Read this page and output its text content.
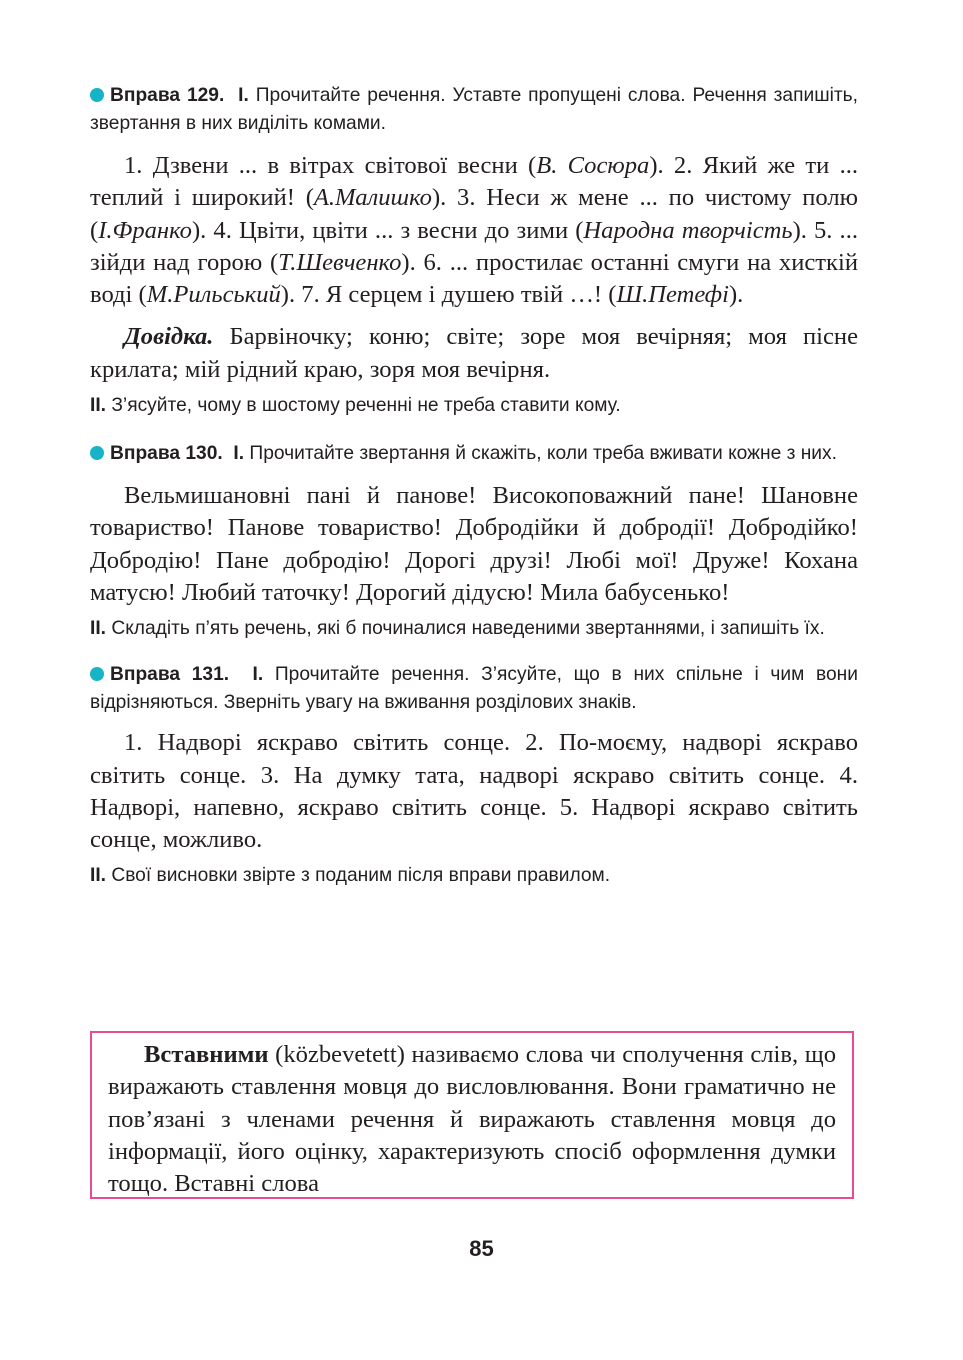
Вправа 129. I. Прочитайте речення. Уставте пропущені слова. Речення запишіть, звертання в них виділіть комами.

1. Дзвени ... в вітрах світової весни (В. Сосюра). 2. Який же ти ... теплий і широкий! (А.Малишко). 3. Неси ж мене ... по чистому полю (І.Франко). 4. Цвіти, цвіти ... з весни до зими (Народна творчість). 5. ... зійди над горою (Т.Шевченко). 6. ... простилає останні смуги на хисткій воді (М.Рильський). 7. Я серцем і душею твій …! (Ш.Петефі).

Довідка. Барвіночку; коню; світе; зоре моя вечірняя; моя пісне крилата; мій рідний краю, зоря моя вечірня.

II. З’ясуйте, чому в шостому реченні не треба ставити кому.

Вправа 130. I. Прочитайте звертання й скажіть, коли треба вживати кожне з них.

Вельмишановні пані й панове! Високоповажний пане! Шановне товариство! Панове товариство! Добродійки й добродії! Добродійко! Добродію! Пане добродію! Дорогі друзі! Любі мої! Друже! Кохана матусю! Любий таточку! Дорогий дідусю! Мила бабусенько!

II. Складіть п’ять речень, які б починалися наведеними звертаннями, і запишіть їх.

Вправа 131. I. Прочитайте речення. З’ясуйте, що в них спільне і чим вони відрізняються. Зверніть увагу на вживання розділових знаків.

1. Надворі яскраво світить сонце. 2. По-моєму, надворі яскраво світить сонце. 3. На думку тата, надворі яскраво світить сонце. 4. Надворі, напевно, яскраво світить сонце. 5. Надворі яскраво світить сонце, можливо.

II. Свої висновки звірте з поданим після вправи правилом.

Вставними (közbevetett) називаємо слова чи сполучення слів, що виражають ставлення мовця до висловлювання. Вони граматично не пов’язані з членами речення й виражають ставлення мовця до інформації, його оцінку, характеризують спосіб оформлення думки тощо. Вставні слова

85
